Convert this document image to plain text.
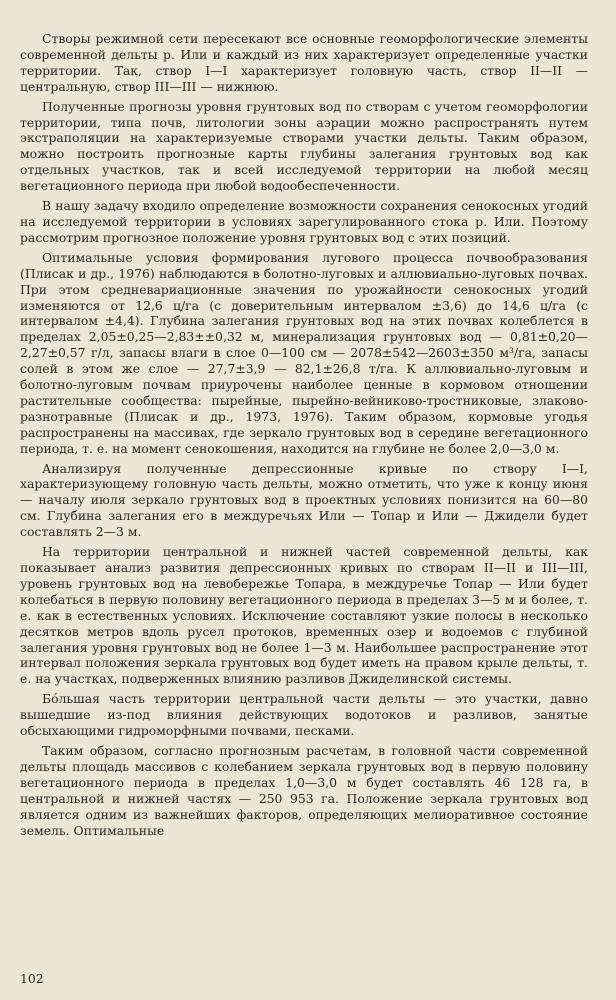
Створы режимной сети пересекают все основные геоморфологические элементы современной дельты р. Или и каждый из них характеризует определенные участки территории. Так, створ I—I характеризует головную часть, створ II—II — центральную, створ III—III — нижнюю.

Полученные прогнозы уровня грунтовых вод по створам с учетом геоморфологии территории, типа почв, литологии зоны аэрации можно распространять путем экстраполяции на характеризуемые створами участки дельты. Таким образом, можно построить прогнозные карты глубины залегания грунтовых вод как отдельных участков, так и всей исследуемой территории на любой месяц вегетационного периода при любой водообеспеченности.

В нашу задачу входило определение возможности сохранения сенокосных угодий на исследуемой территории в условиях зарегулированного стока р. Или. Поэтому рассмотрим прогнозное положение уровня грунтовых вод с этих позиций.

Оптимальные условия формирования лугового процесса почвообразования (Плисак и др., 1976) наблюдаются в болотно-луговых и аллювиально-луговых почвах. При этом средневариационные значения по урожайности сенокосных угодий изменяются от 12,6 ц/га (с доверительным интервалом ±3,6) до 14,6 ц/га (с интервалом ±4,4). Глубина залегания грунтовых вод на этих почвах колеблется в пределах 2,05±0,25—2,83±±0,32 м, минерализация грунтовых вод — 0,81±0,20—2,27±0,57 г/л, запасы влаги в слое 0—100 см — 2078±542—2603±350 м³/га, запасы солей в этом же слое — 27,7±3,9 — 82,1±26,8 т/га. К аллювиально-луговым и болотно-луговым почвам приурочены наиболее ценные в кормовом отношении растительные сообщества: пырейные, пырейно-вейниково-тростниковые, злаково-разнотравные (Плисак и др., 1973, 1976). Таким образом, кормовые угодья распространены на массивах, где зеркало грунтовых вод в середине вегетационного периода, т. е. на момент сенокошения, находится на глубине не более 2,0—3,0 м.

Анализируя полученные депрессионные кривые по створу I—I, характеризующему головную часть дельты, можно отметить, что уже к концу июня — началу июля зеркало грунтовых вод в проектных условиях понизится на 60—80 см. Глубина залегания его в междуречьях Или — Топар и Или — Джидели будет составлять 2—3 м.

На территории центральной и нижней частей современной дельты, как показывает анализ развития депрессионных кривых по створам II—II и III—III, уровень грунтовых вод на левобережье Топара, в междуречье Топар — Или будет колебаться в первую половину вегетационного периода в пределах 3—5 м и более, т. е. как в естественных условиях. Исключение составляют узкие полосы в несколько десятков метров вдоль русел протоков, временных озер и водоемов с глубиной залегания уровня грунтовых вод не более 1—3 м. Наибольшее распространение этот интервал положения зеркала грунтовых вод будет иметь на правом крыле дельты, т. е. на участках, подверженных влиянию разливов Джиделинской системы.

Бóльшая часть территории центральной части дельты — это участки, давно вышедшие из-под влияния действующих водотоков и разливов, занятые обсыхающими гидроморфными почвами, песками.

Таким образом, согласно прогнозным расчетам, в головной части современной дельты площадь массивов с колебанием зеркала грунтовых вод в первую половину вегетационного периода в пределах 1,0—3,0 м будет составлять 46 128 га, в центральной и нижней частях — 250 953 га. Положение зеркала грунтовых вод является одним из важнейших факторов, определяющих мелиоративное состояние земель. Оптимальные

102
